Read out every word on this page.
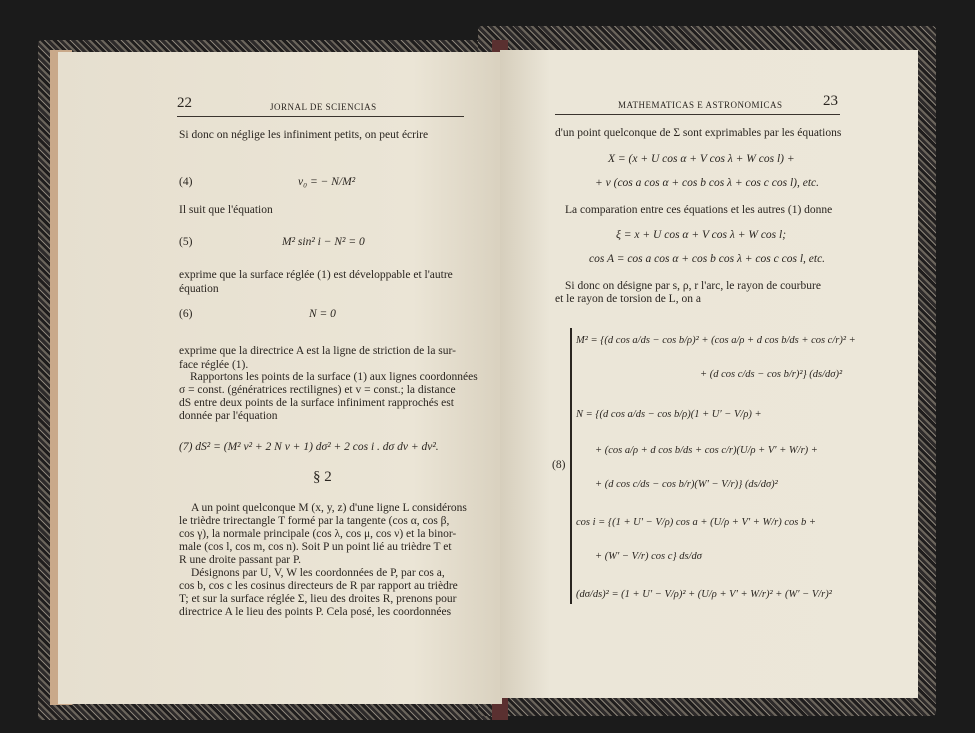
22	JORNAL DE SCIENCIAS
Si donc on néglige les infiniment petits, on peut écrire
(4)	v₀ = − N/M²
Il suit que l'équation
(5)	M² sin² i − N² = 0
exprime que la surface réglée (1) est développable et l'autre
équation
(6)	N = 0
exprime que la directrice A est la ligne de striction de la sur-
face réglée (1).
Rapportons les points de la surface (1) aux lignes coordonnées
σ = const. (génératrices rectilignes) et v = const.; la distance
dS entre deux points de la surface infiniment rapprochés est
donnée par l'équation
(7) dS² = (M² v² + 2 N v + 1) dσ² + 2 cos i . dσ dv + dv².
§ 2
A un point quelconque M (x, y, z) d'une ligne L considérons
le trièdre trirectangle T formé par la tangente (cos α, cos β,
cos γ), la normale principale (cos λ, cos μ, cos ν) et la binor-
male (cos l, cos m, cos n). Soit P un point lié au trièdre T et
R une droite passant par P.
Désignons par U, V, W les coordonnées de P, par cos a,
cos b, cos c les cosinus directeurs de R par rapport au trièdre
T; et sur la surface réglée Σ, lieu des droites R, prenons pour
directrice A le lieu des points P. Cela posé, les coordonnées
MATHEMATICAS E ASTRONOMICAS	23
d'un point quelconque de Σ sont exprimables par les équations
X = (x + U cos α + V cos λ + W cos l) +
+ v (cos a cos α + cos b cos λ + cos c cos l), etc.
La comparation entre ces équations et les autres (1) donne
ξ = x + U cos α + V cos λ + W cos l;
cos A = cos a cos α + cos b cos λ + cos c cos l, etc.
Si donc on désigne par s, ρ, r l'arc, le rayon de courbure
et le rayon de torsion de L, on a
(8)
M² = {(d cos a/ds − cos b/ρ)² + (cos a/ρ + d cos b/ds + cos c/r)² +
+ (d cos c/ds − cos b/r)²} (ds/dσ)²
N = {(d cos a/ds − cos b/ρ)(1 + U′ − V/ρ) +
+ (cos a/ρ + d cos b/ds + cos c/r)(U/ρ + V′ + W/r) +
+ (d cos c/ds − cos b/r)(W′ − V/r)} (ds/dσ)²
cos i = {(1 + U′ − V/ρ) cos a + (U/ρ + V′ + W/r) cos b +
+ (W′ − V/r) cos c} ds/dσ
(dσ/ds)² = (1 + U′ − V/ρ)² + (U/ρ + V′ + W/r)² + (W′ − V/r)²
